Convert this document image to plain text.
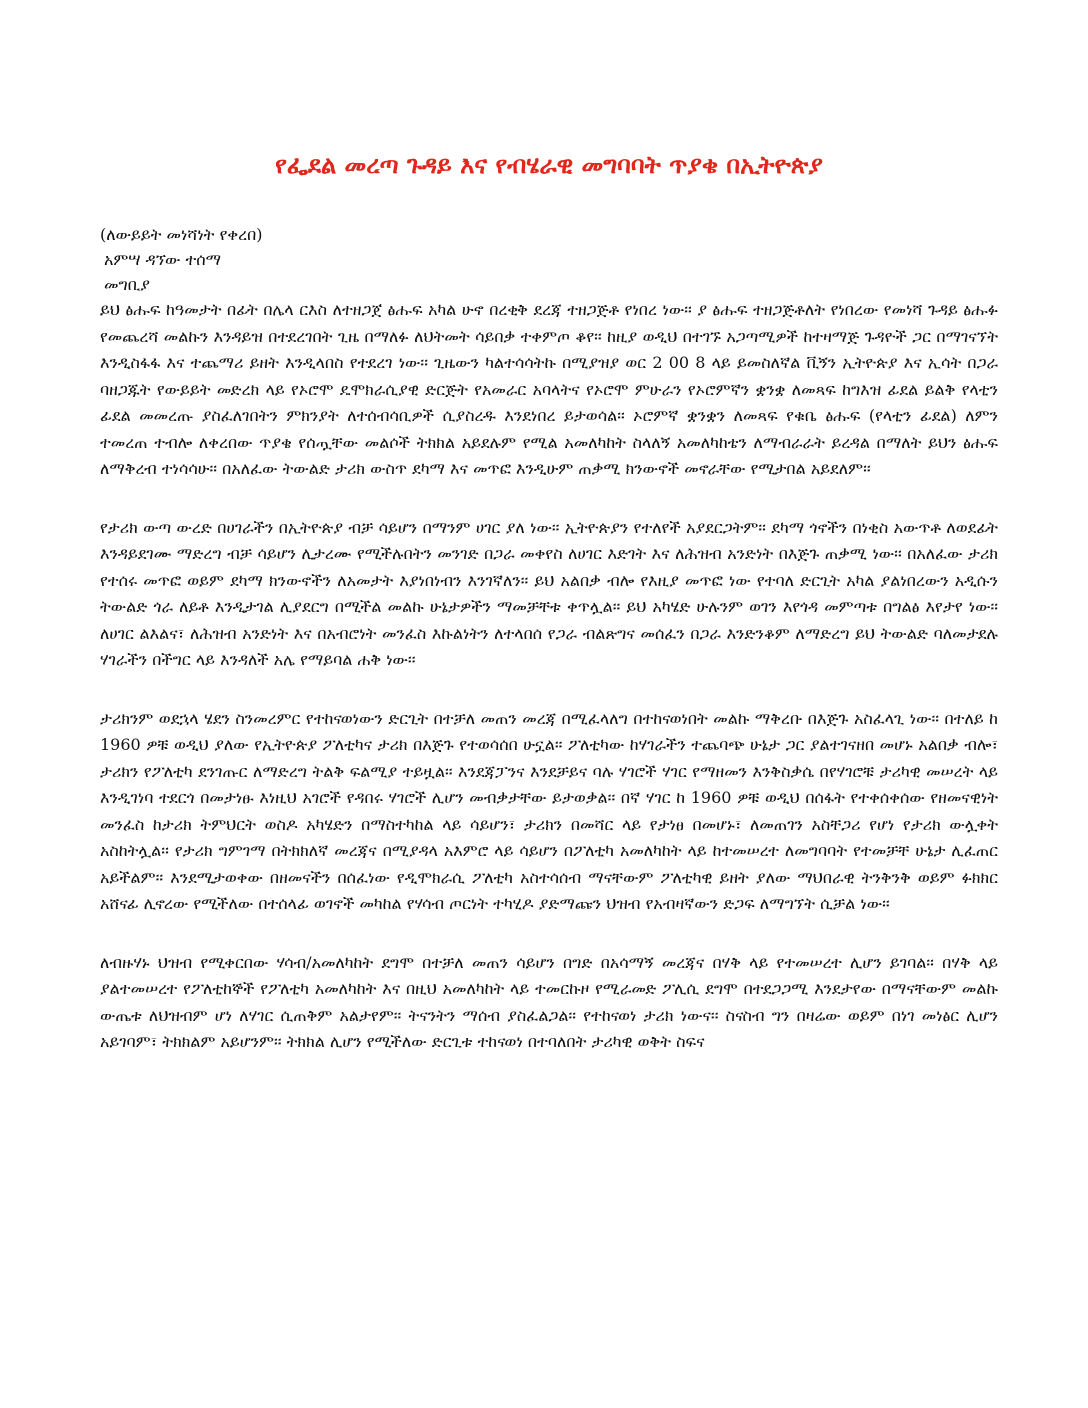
የፌደል መረጣ ጉዳይ እና የብሄራዊ መግባባት ጥያቄ በኢትዮጵያ
(ለውይይት መነሻነት የቀረበ)
አምሣ ዳኘው ተሰማ
መግቢያ

ይህ ፅሑፍ ከዓመታት በፊት በሌላ ርእስ ለተዘጋጀ ፅሑፍ አካል ሁኖ በረቂቅ ደረጃ ተዘጋጅቶ የነበረ ነው፡፡ ያ ፅሑፍ ተዘጋጅቶለት የነበረው የመነሻ ጉዳይ ፅሑፉ የመጨረሻ መልኩን እንዳይዝ በተደረገበት ጊዜ በማለፉ ለህትመት ሳይበቃ ተቀምጦ ቆየ፡፡ ከዚያ ወዲህ በተገኙ አጋጣሚዎች ከተዛማጅ ጉዳዮች ጋር በማገናኘት እንዲስፋፋ እና ተጨማሪ ይዘት እንዲላበስ የተደረገ ነው፡፡ ጊዜውን ካልተሳሳትኩ በሚያዝያ ወር 2 00 8 ላይ ይመስለኛል ቪኝን ኢትዮጵያ እና ኢሳት በጋራ ባዘጋጁት የውይይት መድረክ ላይ የኦሮሞ ዴሞክራሲያዊ ድርጅት የአመራር አባላትና የኦሮሞ ምሁራን የኦሮምኛን ቋንቋ ለመጻፍ ከግእዝ ፊደል ይልቅ የላቲን ፊደል መመረጡ ያስፈለገበትን ምክንያት ለተሰብሳቢዎች ሲያስረዱ እንደነበረ ይታወሳል፡፡ ኦሮምኛ ቋንቋን ለመጻፍ የቁቤ ፅሑፍ (የላቲን ፊደል) ለምን ተመረጠ ተብሎ ለቀረበው ጥያቄ የሰጧቸው መልሶች ትክክል አይደሉም የሚል አመለካከት ስላለኝ አመለካከቴን ለማብራራት ይረዳል በማለት ይህን ፅሑፍ ለማቅረብ ተነሳሳሁ፡፡ በአለፈው ትውልድ ታሪክ ውስጥ ደካማ እና መጥፎ እንዲሁም ጠቃሚ ክንውኖች መኖራቸው የሚታበል አይደለም፡፡

የታሪክ ውጣ ውረድ በሀገራችን በኢትዮጵያ ብቻ ሳይሆን በማንም ሀገር ያለ ነው፡፡ ኢትዮጵያን የተለየች አያደርጋትም፡፡ ደካማ ጎኖችን በነቂስ አውጥቶ ለወደፊት እንዳይደገሙ ማድረግ ብቻ ሳይሆን ሊታረሙ የሚችሉበትን መንገድ በጋራ መቀየስ ለሀገር እድገት እና ለሕዝብ አንድነት በእጅጉ ጠቃሚ ነው፡፡ በአለፈው ታሪክ የተሰሩ መጥፎ ወይም ደካማ ክንውኖችን ለአመታት እያነበነብን እንገኛለን፡፡ ይህ አልበቃ ብሎ የእዚያ መጥፎ ነው የተባለ ድርጊት አካል ያልነበረውን አዲሱን ትውልድ ጎራ ለይቶ እንዲታገል ሊያደርግ በሚችል መልኩ ሁኔታዎችን ማመቻቸቱ ቀጥሏል፡፡ ይህ አካሄድ ሁሉንም ወገን እየጎዳ መምጣቱ በግልፅ እየታየ ነው፡፡ ለሀገር ልእልና፣ ለሕዝብ አንድነት እና በአብሮነት መንፈስ እኩልነትን ለተላበሰ የጋራ ብልጽግና መሰፈን በጋራ እንድንቆም ለማድረግ ይህ ትውልድ ባለመታደሉ ሃገራችን በችግር ላይ እንዳለች አሌ የማይባል ሐቅ ነው፡፡

ታሪክንም ወደኋላ ሄደን ስንመረምር የተከናወነውን ድርጊት በተቻለ መጠን መረጃ በሚፈላለግ በተከናወነበት መልኩ ማቅረቡ በእጅጉ አስፈላጊ ነው፡፡ በተለይ ከ 1960 ዎቹ ወዲህ ያለው የኢትዮጵያ ፖለቲካና ታሪክ በእጅጉ የተወሳሰበ ሁኗል፡፡ ፖለቲካው ከሃገራችን ተጨባጭ ሁኔታ ጋር ያልተገናዘበ መሆኑ አልበቃ ብሎ፣ ታሪክን የፖለቲካ ደንገጡር ለማድረግ ትልቅ ፍልሚያ ተይዟል፡፡ እንደጃፓንና እንደቻይና ባሉ ሃገሮች ሃገር የማዘመን እንቅስቃሴ በየሃገሮቹ ታሪካዊ መሠረት ላይ እንዲገነባ ተደርጎ በመታነፁ እነዚህ አገሮች የዳበሩ ሃገሮች ሊሆን መብቃታቸው ይታወቃል፡፡ በኛ ሃገር ከ 1960 ዎቹ ወዲህ በሰፋት የተቀሰቀሰው የዘመናዊነት መንፈስ ከታሪክ ትምህርት ወስዶ አካሄድን በማስተካከል ላይ ሳይሆን፣ ታሪክን በመሻር ላይ የታነፀ በመሆኑ፣ ለመጠገን አስቸጋሪ የሆነ የታሪክ ውሏቀት አስከትሏል፡፡ የታሪክ ግምገማ በትክክለኛ መረጃና በሚያዳላ አእምሮ ላይ ሳይሆን በፖለቲካ አመለካከት ላይ ከተመሠረተ ለመግባባት የተመቻቸ ሁኔታ ሊፈጠር አይችልም፡፡ እንደሚታወቀው በዘመናችን በሰፈነው የዲሞክራሲ ፖለቲካ አስተሳሰብ ማናቸውም ፖለቲካዊ ይዘት ያለው ማህበራዊ ትንቅንቅ ወይም ፉክክር አሸናፊ ሊኖረው የሚችለው በተሰላፊ ወገኖች መካከል የሃሳብ ጦርነት ተካሂዶ ያድማጩን ህዝብ የአብዛኛውን ድጋፍ ለማግኘት ሲቻል ነው፡፡

ለብዙሃኑ ህዝብ የሚቀርበው ሃሳብ/አመለካከት ደግሞ በተቻለ መጠን ሳይሆን በግድ በአሳማኝ መረጃና በሃቅ ላይ የተመሠረተ ሊሆን ይገባል፡፡ በሃቅ ላይ ያልተመሠረተ የፖለቲከኞች የፖለቲካ አመለካከት እና በዚህ አመለካከት ላይ ተመርኩዞ የሚራመድ ፖሊሲ ደግሞ በተደጋጋሚ እንደታየው በማናቸውም መልኩ ውጤቱ ለህዝብም ሆነ ለሃገር ሲጠቅም አልታየም፡፡ ትናንትን ማሰብ ያስፈልጋል፡፡ የተከናወነ ታሪክ ነውና፡፡ ስናስብ ግን በዛሬው ወይም በነገ መነፅር ሊሆን አይገባም፣ ትክክልም አይሆንም፡፡ ትክክል ሊሆን የሚችለው ድርጊቱ ተከናወነ በተባለበት ታሪካዊ ወቅት ስፍና
